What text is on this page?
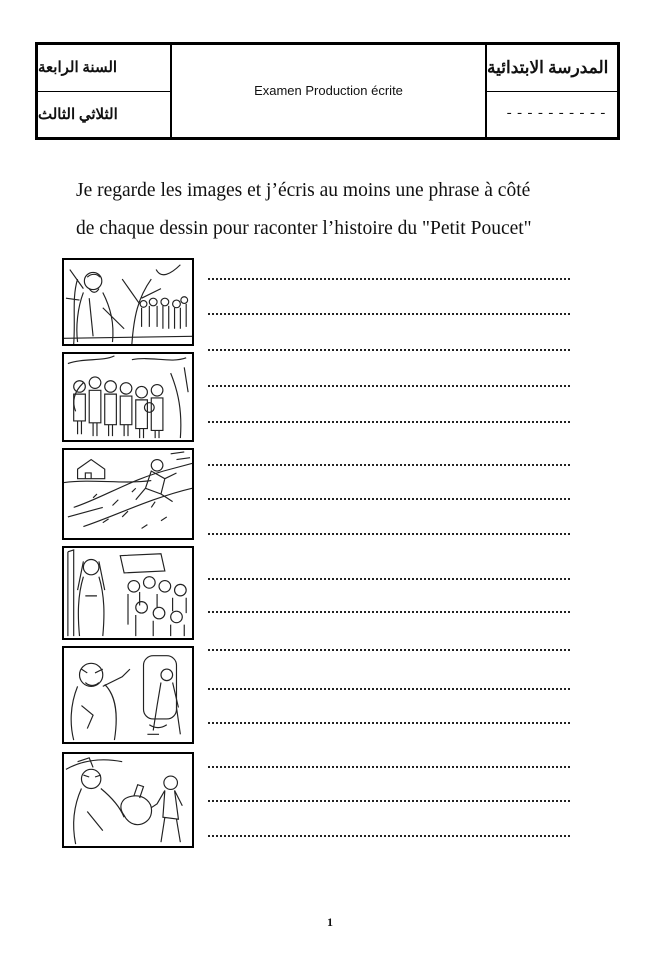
السنة الرابعة
الثلاثي الثالث
Examen Production écrite
المدرسة الابتدائية
----------
Je regarde les images et j’écris au moins une phrase à côté
de chaque dessin pour raconter l’histoire du "Petit Poucet"
1
